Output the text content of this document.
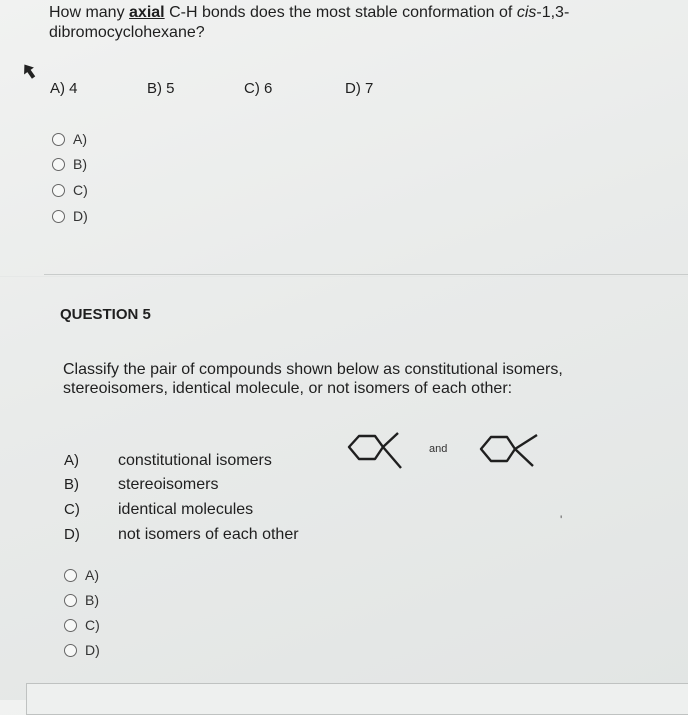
How many axial C-H bonds does the most stable conformation of cis-1,3-dibromocyclohexane?
A) 4	B) 5	C) 6	D) 7
A)
B)
C)
D)
QUESTION 5
Classify the pair of compounds shown below as constitutional isomers, stereoisomers, identical molecule, or not isomers of each other:
and
A) constitutional isomers
B) stereoisomers
C) identical molecules
D) not isomers of each other
'
A)
B)
C)
D)
